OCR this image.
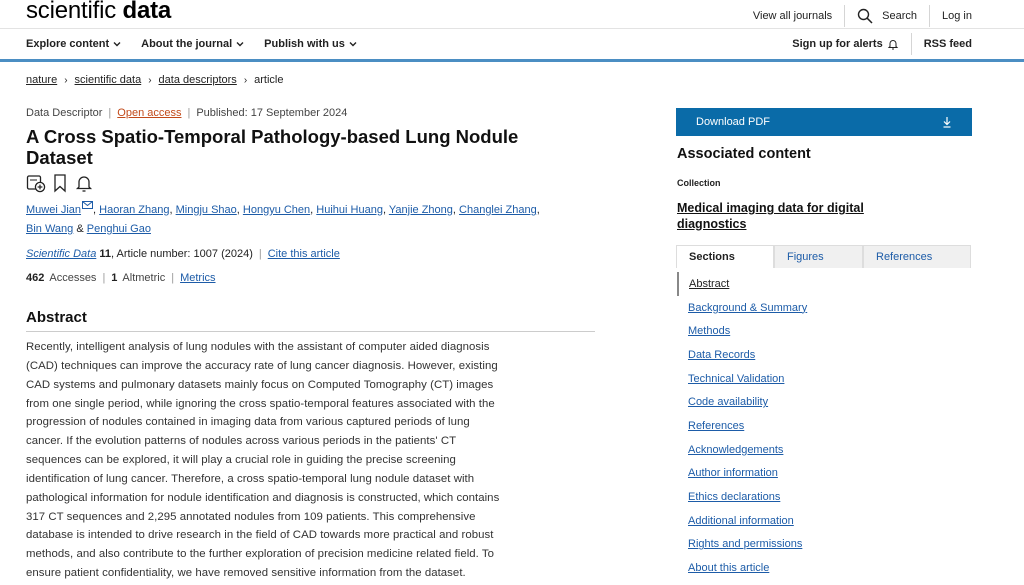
scientific data	View all journals	Search Log in
Explore content	About the journal	Publish with us	Sign up for alerts	RSS feed
nature › scientific data › data descriptors › article
Data Descriptor | Open access | Published: 17 September 2024
A Cross Spatio-Temporal Pathology-based Lung Nodule Dataset
Muwei Jian , Haoran Zhang, Mingju Shao, Hongyu Chen, Huihui Huang, Yanjie Zhong, Changlei Zhang,
Bin Wang & Penghui Gao
Scientific Data
11 , Article number: 1007 (2024) | Cite this article
462 Accesses | 1 Altmetric | Metrics
Abstract

Recently, intelligent analysis of lung nodules with the assistant of computer aided diagnosis
(CAD) techniques can improve the accuracy rate of lung cancer diagnosis. However, existing
CAD systems and pulmonary datasets mainly focus on Computed Tomography (CT) images
from one single period, while ignoring the cross spatio-temporal features associated with the
progression of nodules contained in imaging data from various captured periods of lung
cancer. If the evolution patterns of nodules across various periods in the patients' CT
sequences can be explored, it will play a crucial role in guiding the precise screening
identification of lung cancer. Therefore, a cross spatio-temporal lung nodule dataset with
pathological information for nodule identification and diagnosis is constructed, which contains
317 CT sequences and 2,295 annotated nodules from 109 patients. This comprehensive
database is intended to drive research in the field of CAD towards more practical and robust
methods, and also contribute to the further exploration of precision medicine related field. To
ensure patient confidentiality, we have removed sensitive information from the dataset.

Download PDF
Associated content
Collection
Medical imaging data for digital diagnostics
Sections	Figures	References
Abstract
Background & Summary
Methods
Data Records
Technical Validation
Code availability
References
Acknowledgements
Author information
Ethics declarations
Additional information
Rights and permissions
About this article
